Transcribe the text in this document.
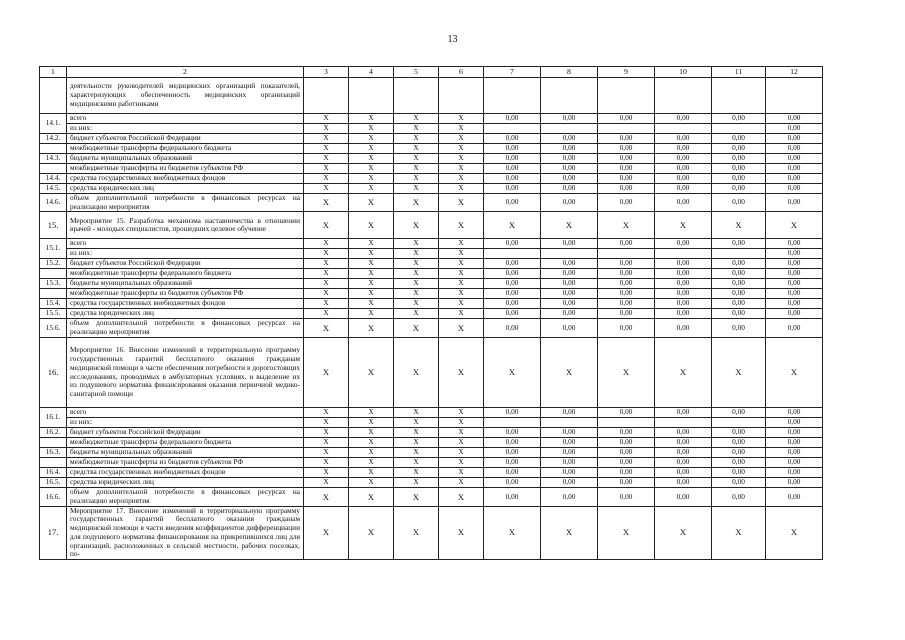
13
1	2	3	4	5	6	7	8	9	10	11	12
	деятельности руководителей медицинских организаций показателей, характеризующих обеспеченность медицинских организаций медицинскими работниками										
14.1.	всего	X	X	X	X	0,00	0,00	0,00	0,00	0,00	0,00
	из них:	X	X	X	X						0,00
14.2.	бюджет субъектов Российской Федерации	X	X	X	X	0,00	0,00	0,00	0,00	0,00	0,00
	межбюджетные трансферты федерального бюджета	X	X	X	X	0,00	0,00	0,00	0,00	0,00	0,00
14.3.	бюджеты муниципальных образований	X	X	X	X	0,00	0,00	0,00	0,00	0,00	0,00
	межбюджетные трансферты из бюджетов субъектов РФ	X	X	X	X	0,00	0,00	0,00	0,00	0,00	0,00
14.4.	средства государственных внебюджетных фондов	X	X	X	X	0,00	0,00	0,00	0,00	0,00	0,00
14.5.	средства юридических лиц	X	X	X	X	0,00	0,00	0,00	0,00	0,00	0,00
14.6.	объем дополнительной потребности в финансовых ресурсах на реализацию мероприятия	X	X	X	X	0,00	0,00	0,00	0,00	0,00	0,00
15.	Мероприятие 15. Разработка механизма наставничества в отношении врачей - молодых специалистов, прошедших целевое обучение	X	X	X	X	X	X	X	X	X	X
15.1.	всего	X	X	X	X	0,00	0,00	0,00	0,00	0,00	0,00
	из них:	X	X	X	X						0,00
15.2.	бюджет субъектов Российской Федерации	X	X	X	X	0,00	0,00	0,00	0,00	0,00	0,00
	межбюджетные трансферты федерального бюджета	X	X	X	X	0,00	0,00	0,00	0,00	0,00	0,00
15.3.	бюджеты муниципальных образований	X	X	X	X	0,00	0,00	0,00	0,00	0,00	0,00
	межбюджетные трансферты из бюджетов субъектов РФ	X	X	X	X	0,00	0,00	0,00	0,00	0,00	0,00
15.4.	средства государственных внебюджетных фондов	X	X	X	X	0,00	0,00	0,00	0,00	0,00	0,00
15.5.	средства юридических лиц	X	X	X	X	0,00	0,00	0,00	0,00	0,00	0,00
15.6.	объем дополнительной потребности в финансовых ресурсах на реализацию мероприятия	X	X	X	X	0,00	0,00	0,00	0,00	0,00	0,00
16.	Мероприятие 16. Внесение изменений в территориальную программу государственных гарантий бесплатного оказания гражданам медицинской помощи в части обеспечения потребности в дорогостоящих исследованиях, проводимых в амбулаторных условиях, и выделение их из подушевого норматива финансирования оказания первичной медико-санитарной помощи	X	X	X	X	X	X	X	X	X	X
16.1.	всего	X	X	X	X	0,00	0,00	0,00	0,00	0,00	0,00
	из них:	X	X	X	X						0,00
16.2.	бюджет субъектов Российской Федерации	X	X	X	X	0,00	0,00	0,00	0,00	0,00	0,00
	межбюджетные трансферты федерального бюджета	X	X	X	X	0,00	0,00	0,00	0,00	0,00	0,00
16.3.	бюджеты муниципальных образований	X	X	X	X	0,00	0,00	0,00	0,00	0,00	0,00
	межбюджетные трансферты из бюджетов субъектов РФ	X	X	X	X	0,00	0,00	0,00	0,00	0,00	0,00
16.4.	средства государственных внебюджетных фондов	X	X	X	X	0,00	0,00	0,00	0,00	0,00	0,00
16.5.	средства юридических лиц	X	X	X	X	0,00	0,00	0,00	0,00	0,00	0,00
16.6.	объем дополнительной потребности в финансовых ресурсах на реализацию мероприятия	X	X	X	X	0,00	0,00	0,00	0,00	0,00	0,00
17.	Мероприятие 17. Внесение изменений в территориальную программу государственных гарантий бесплатного оказания гражданам медицинской помощи в части введения коэффициентов дифференциации для подушевого норматива финансирования на прикрепившихся лиц для организаций, расположенных в сельской местности, рабочих поселках, по-	X	X	X	X	X	X	X	X	X	X
